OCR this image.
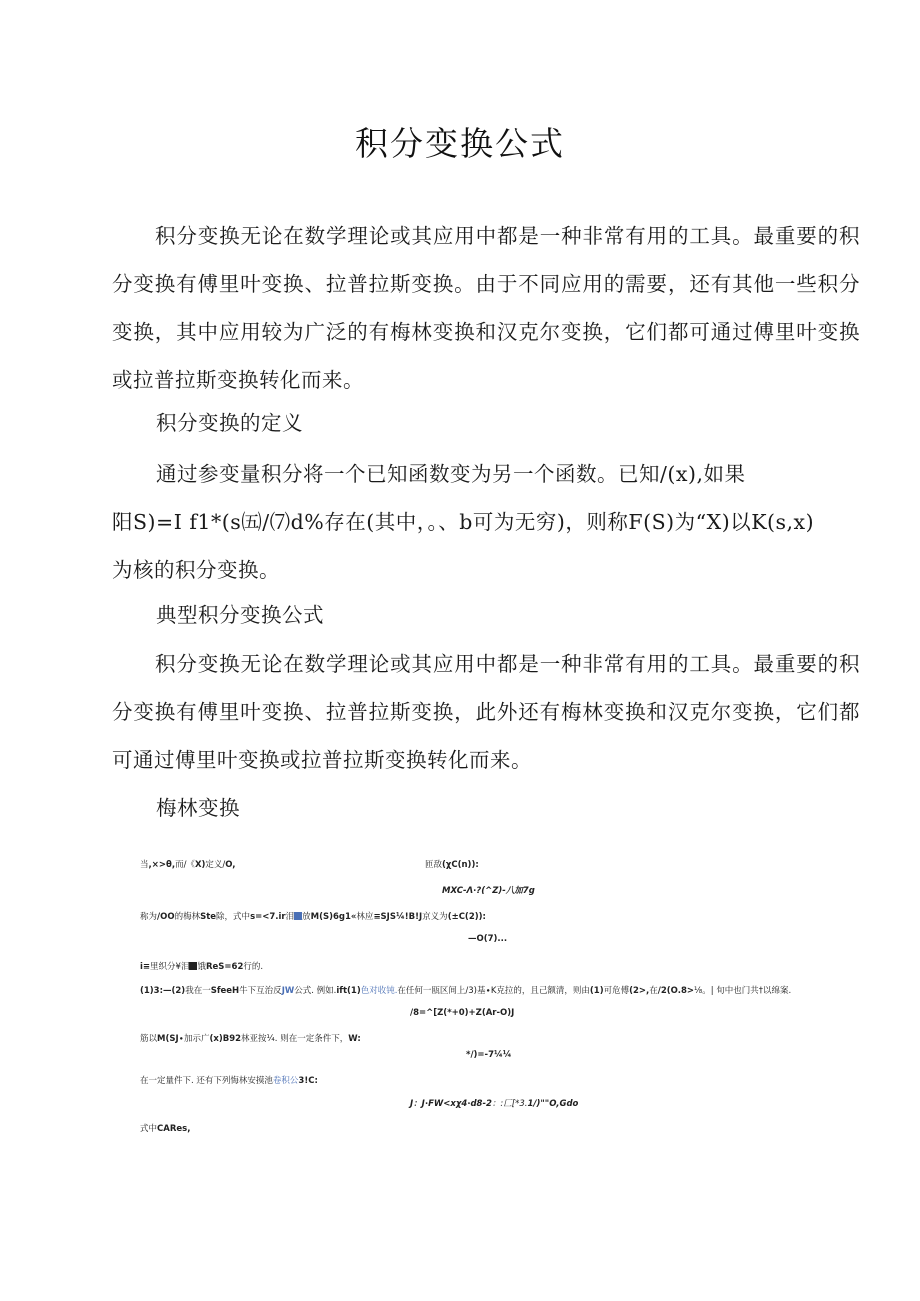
积分变换公式
积分变换无论在数学理论或其应用中都是一种非常有用的工具。最重要的积分变换有傅里叶变换、拉普拉斯变换。由于不同应用的需要，还有其他一些积分变换，其中应用较为广泛的有梅林变换和汉克尔变换，它们都可通过傅里叶变换或拉普拉斯变换转化而来。
积分变换的定义
通过参变量积分将一个已知函数变为另一个函数。已知/(x),如果
阳S)=I f1*(s㈤/⑺d%存在(其中，。、b可为无穷)，则称F(S)为“X)以K(s,x)
为核的积分变换。
典型积分变换公式
积分变换无论在数学理论或其应用中都是一种非常有用的工具。最重要的积分变换有傅里叶变换、拉普拉斯变换，此外还有梅林变换和汉克尔变换，它们都可通过傅里叶变换或拉普拉斯变换转化而来。
梅林变换
当,×>θ,而/《X)定义/O,	匝敌(χC(n)):
MXC-Λ∙?(^Z)-八加7g
称为/OO的梅林Ste除，式中s=<7.ir泪 放M(S)6g1«林应≡SJS¼!B!J京义为(±C(2)):
—O(7)...
i≡里织分¥泪 饿ReS=62行的.
(1)3:—(2)我在一SfeeH牛下互治反JW公式. 例如.ift(1)色对收钝.在任何一瓯区间上/3)基∙K克拉的，且己额清，则由(1)可危傅(2>,在/2(O.8>⅛。| 旬中也门共†以绵案.
/8=^[Z(*+0)+Z(Ar-O)J
筋以M(SJ∙加示广(x)B92林亚按¼. 则在一定条件下，W:
*/)=-7¼¼
在一定量件下. 还有下列悔林安摸池卷积公3!C:
J：J∙FW<xχ4∙d8-2：:匚[*3.1/)""O,Gdo
式中CARes,
